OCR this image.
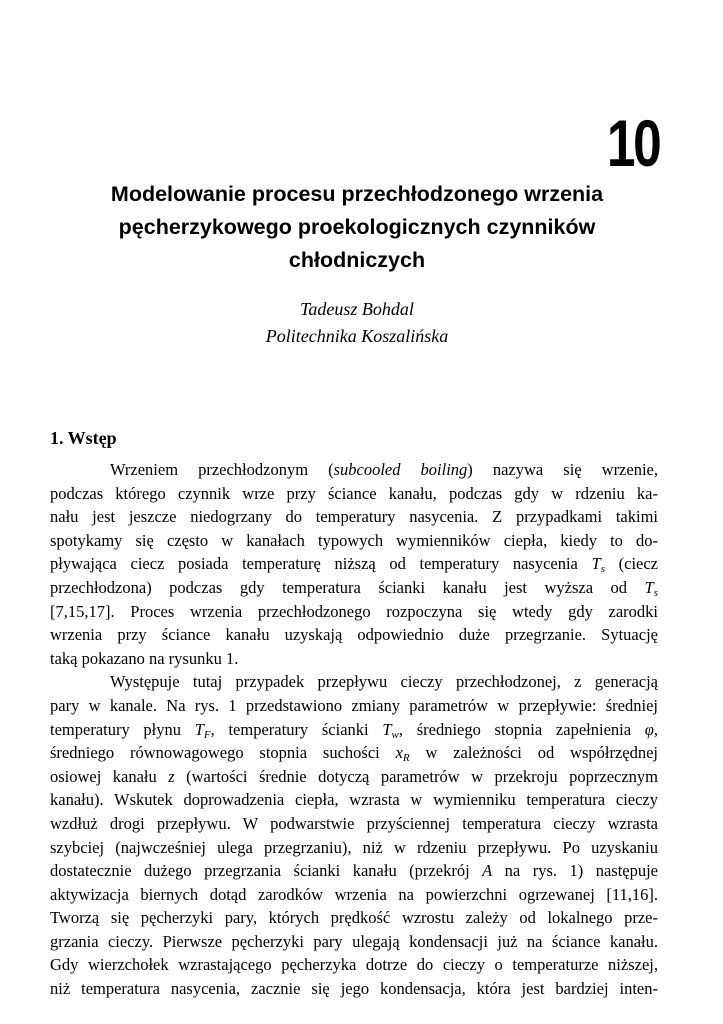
10
Modelowanie procesu przechłodzonego wrzenia
pęcherzykowego proekologicznych czynników
chłodniczych
Tadeusz Bohdal
Politechnika Koszalińska
1. Wstęp
Wrzeniem przechłodzonym (subcooled boiling) nazywa się wrzenie,
podczas którego czynnik wrze przy ściance kanału, podczas gdy w rdzeniu ka-
nału jest jeszcze niedogrzany do temperatury nasycenia. Z przypadkami takimi
spotykamy się często w kanałach typowych wymienników ciepła, kiedy to do-
pływająca ciecz posiada temperaturę niższą od temperatury nasycenia $T_s$ (ciecz
przechłodzona) podczas gdy temperatura ścianki kanału jest wyższa od $T_s$
[7,15,17]. Proces wrzenia przechłodzonego rozpoczyna się wtedy gdy zarodki
wrzenia przy ściance kanału uzyskają odpowiednio duże przegrzanie. Sytuację
taką pokazano na rysunku 1.
Występuje tutaj przypadek przepływu cieczy przechłodzonej, z generacją
pary w kanale. Na rys. 1 przedstawiono zmiany parametrów w przepływie: średniej
temperatury płynu $T_F$, temperatury ścianki $T_w$, średniego stopnia zapełnienia φ,
średniego równowagowego stopnia suchości $x_R$ w zależności od współrzędnej
osiowej kanału z (wartości średnie dotyczą parametrów w przekroju poprzecznym
kanału). Wskutek doprowadzenia ciepła, wzrasta w wymienniku temperatura cieczy
wzdłuż drogi przepływu. W podwarstwie przyściennej temperatura cieczy wzrasta
szybciej (najwcześniej ulega przegrzaniu), niż w rdzeniu przepływu. Po uzyskaniu
dostatecznie dużego przegrzania ścianki kanału (przekrój A na rys. 1) następuje
aktywizacja biernych dotąd zarodków wrzenia na powierzchni ogrzewanej [11,16].
Tworzą się pęcherzyki pary, których prędkość wzrostu zależy od lokalnego prze-
grzania cieczy. Pierwsze pęcherzyki pary ulegają kondensacji już na ściance kanału.
Gdy wierzchołek wzrastającego pęcherzyka dotrze do cieczy o temperaturze niższej,
niż temperatura nasycenia, zacznie się jego kondensacja, która jest bardziej inten-
